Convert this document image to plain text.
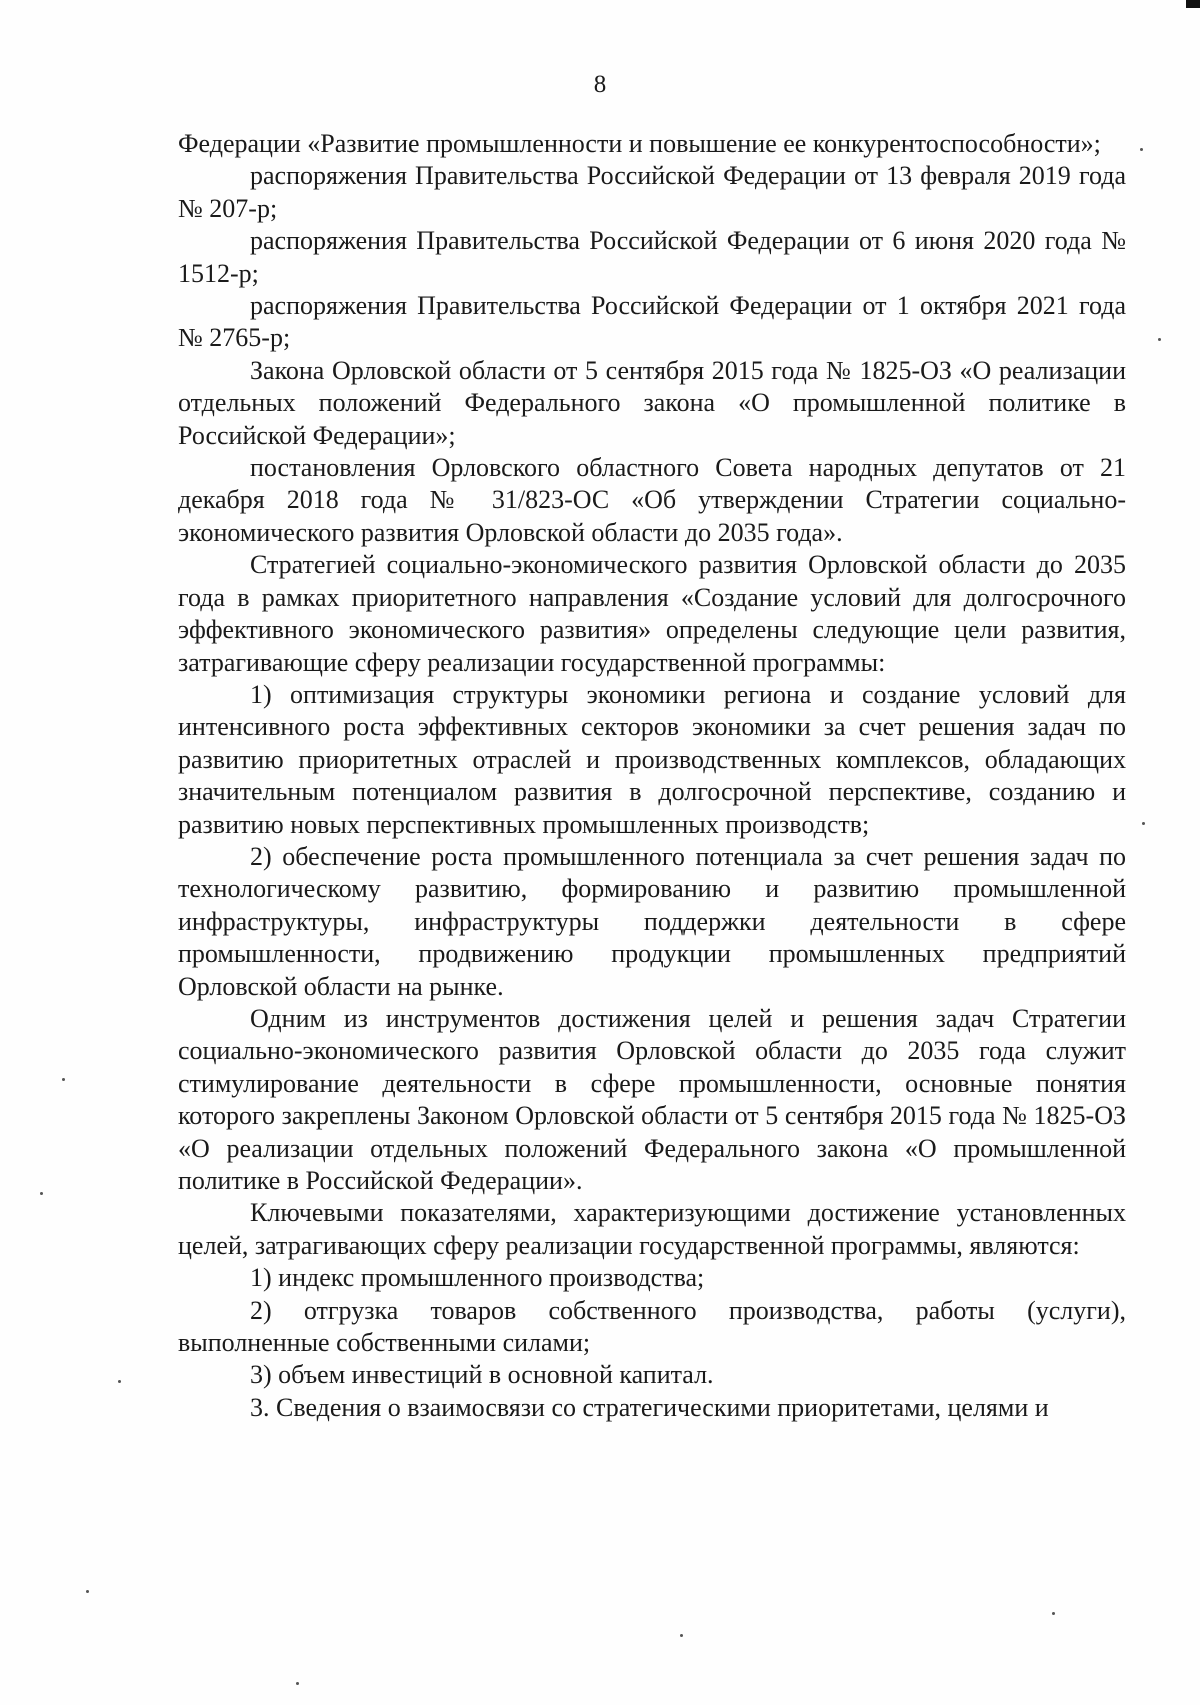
8

Федерации «Развитие промышленности и повышение ее конкурентоспособности»;

распоряжения Правительства Российской Федерации от 13 февраля 2019 года № 207-р;

распоряжения Правительства Российской Федерации от 6 июня 2020 года № 1512-р;

распоряжения Правительства Российской Федерации от 1 октября 2021 года № 2765-р;

Закона Орловской области от 5 сентября 2015 года № 1825-ОЗ «О реализации отдельных положений Федерального закона «О промышленной политике в Российской Федерации»;

постановления Орловского областного Совета народных депутатов от 21 декабря 2018 года № 31/823-ОС «Об утверждении Стратегии социально-экономического развития Орловской области до 2035 года».

Стратегией социально-экономического развития Орловской области до 2035 года в рамках приоритетного направления «Создание условий для долгосрочного эффективного экономического развития» определены следующие цели развития, затрагивающие сферу реализации государственной программы:

1) оптимизация структуры экономики региона и создание условий для интенсивного роста эффективных секторов экономики за счет решения задач по развитию приоритетных отраслей и производственных комплексов, обладающих значительным потенциалом развития в долгосрочной перспективе, созданию и развитию новых перспективных промышленных производств;

2) обеспечение роста промышленного потенциала за счет решения задач по технологическому развитию, формированию и развитию промышленной инфраструктуры, инфраструктуры поддержки деятельности в сфере промышленности, продвижению продукции промышленных предприятий Орловской области на рынке.

Одним из инструментов достижения целей и решения задач Стратегии социально-экономического развития Орловской области до 2035 года служит стимулирование деятельности в сфере промышленности, основные понятия которого закреплены Законом Орловской области от 5 сентября 2015 года № 1825-ОЗ «О реализации отдельных положений Федерального закона «О промышленной политике в Российской Федерации».

Ключевыми показателями, характеризующими достижение установленных целей, затрагивающих сферу реализации государственной программы, являются:

1) индекс промышленного производства;

2) отгрузка товаров собственного производства, работы (услуги), выполненные собственными силами;

3) объем инвестиций в основной капитал.

3. Сведения о взаимосвязи со стратегическими приоритетами, целями и
